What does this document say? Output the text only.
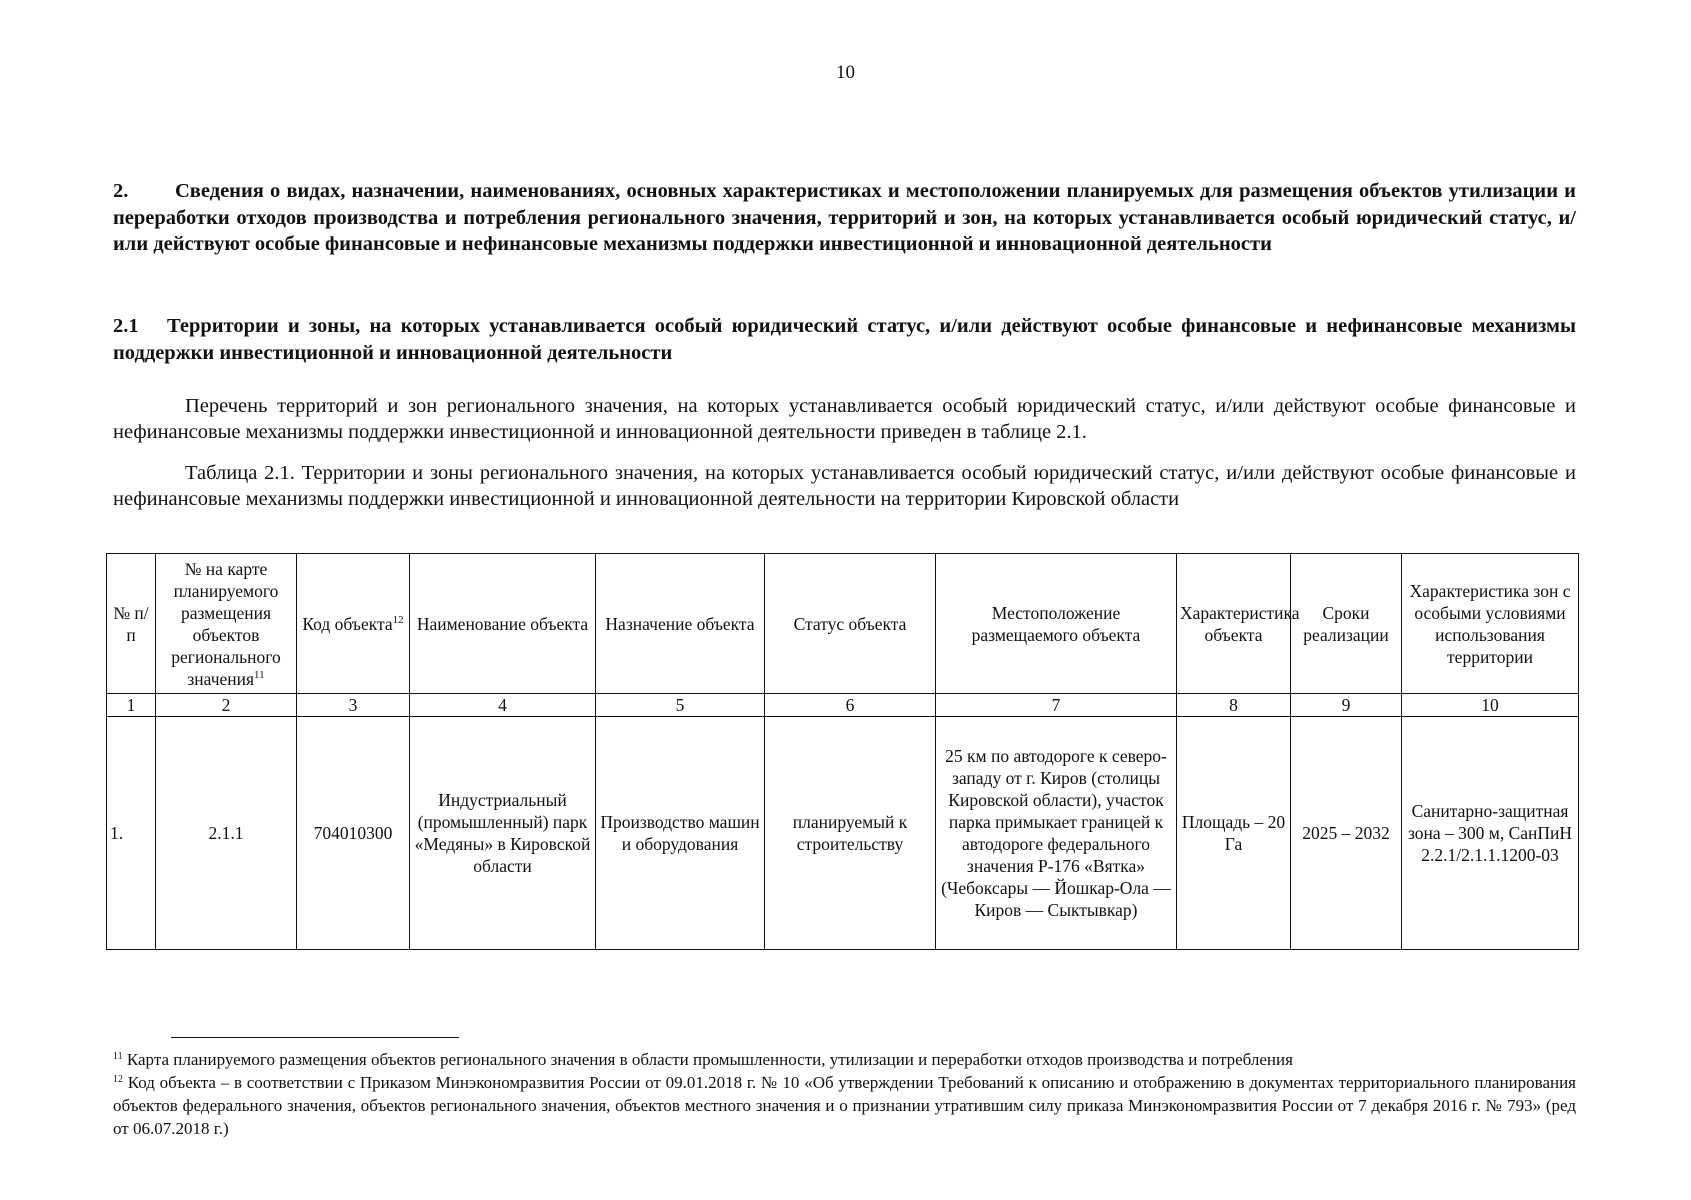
10
2. Сведения о видах, назначении, наименованиях, основных характеристиках и местоположении планируемых для размещения объектов утилизации и переработки отходов производства и потребления регионального значения, территорий и зон, на которых устанавливается особый юридический статус, и/или действуют особые финансовые и нефинансовые механизмы поддержки инвестиционной и инновационной деятельности
2.1 Территории и зоны, на которых устанавливается особый юридический статус, и/или действуют особые финансовые и нефинансовые механизмы поддержки инвестиционной и инновационной деятельности
Перечень территорий и зон регионального значения, на которых устанавливается особый юридический статус, и/или действуют особые финансовые и нефинансовые механизмы поддержки инвестиционной и инновационной деятельности приведен в таблице 2.1.
Таблица 2.1. Территории и зоны регионального значения, на которых устанавливается особый юридический статус, и/или действуют особые финансовые и нефинансовые механизмы поддержки инвестиционной и инновационной деятельности на территории Кировской области
№ п/п	№ на карте планируемого размещения объектов регионального значения$^{11}$	Код объекта$^{12}$	Наименование объекта	Назначение объекта	Статус объекта	Местоположение размещаемого объекта	Характеристика объекта	Сроки реализации	Характеристика зон с особыми условиями использования территории
1	2	3	4	5	6	7	8	9	10
1.	2.1.1	704010300	Индустриальный (промышленный) парк «Медяны» в Кировской области	Производство машин и оборудования	планируемый к строительству	25 км по автодороге к северо-западу от г. Киров (столицы Кировской области), участок парка примыкает границей к автодороге федерального значения Р-176 «Вятка» (Чебоксары — Йошкар-Ола — Киров — Сыктывкар)	Площадь – 20 Га	2025 – 2032	Санитарно-защитная зона – 300 м, СанПиН 2.2.1/2.1.1.1200-03

$^{11}$ Карта планируемого размещения объектов регионального значения в области промышленности, утилизации и переработки отходов производства и потребления

$^{12}$ Код объекта – в соответствии с Приказом Минэкономразвития России от 09.01.2018 г. № 10 «Об утверждении Требований к описанию и отображению в документах территориального планирования объектов федерального значения, объектов регионального значения, объектов местного значения и о признании утратившим силу приказа Минэкономразвития России от 7 декабря 2016 г. № 793» (ред от 06.07.2018 г.)
